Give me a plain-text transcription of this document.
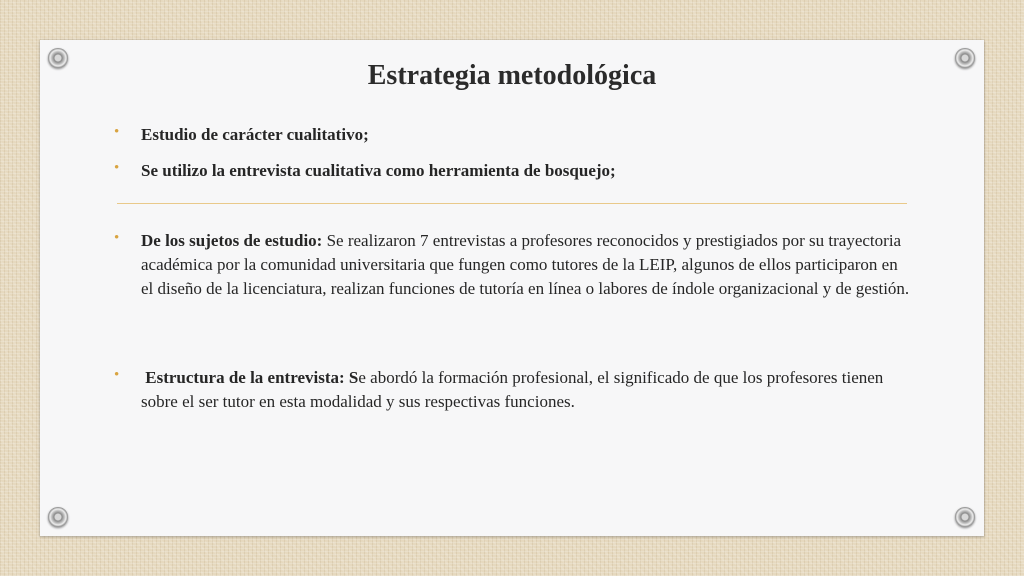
Estrategia metodológica
• Estudio de carácter cualitativo;
• Se utilizo la entrevista cualitativa como herramienta de bosquejo;
• De los sujetos de estudio: Se realizaron 7 entrevistas a profesores reconocidos y prestigiados por su trayectoria académica por la comunidad universitaria que fungen como tutores de la LEIP, algunos de ellos participaron en el diseño de la licenciatura, realizan funciones de tutoría en línea o labores de índole organizacional y de gestión.
• Estructura de la entrevista: Se abordó la formación profesional, el significado de que los profesores tienen sobre el ser tutor en esta modalidad y sus respectivas funciones.
